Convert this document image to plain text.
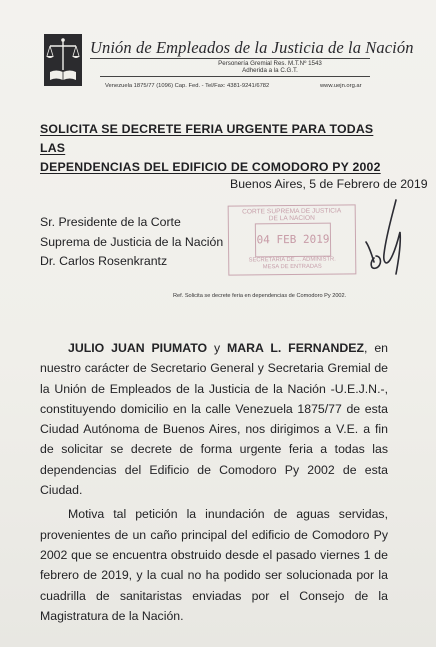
Unión de Empleados de la Justicia de la Nación
Personería Gremial Res. M.T.Nº 1543
Adherida a la C.G.T.
Venezuela 1875/77 (1096) Cap. Fed. - Tel/Fax: 4381-9241/6782	www.uejn.org.ar
SOLICITA SE DECRETE FERIA URGENTE PARA TODAS LAS
DEPENDENCIAS DEL EDIFICIO DE COMODORO PY 2002
Buenos Aires, 5 de Febrero de 2019
Sr. Presidente de la Corte
Suprema de Justicia de la Nación
Dr. Carlos Rosenkrantz
CORTE SUPREMA DE JUSTICIA
DE LA NACION
04 FEB 2019
SECRETARIA DE ... ADMINISTR.
MESA DE ENTRADAS
Ref. Solicita se decrete feria en dependencias de Comodoro Py 2002.

JULIO JUAN PIUMATO y MARA L. FERNANDEZ, en nuestro carácter de Secretario General y Secretaria Gremial de la Unión de Empleados de la Justicia de la Nación -U.E.J.N.-, constituyendo domicilio en la calle Venezuela 1875/77 de esta Ciudad Autónoma de Buenos Aires, nos dirigimos a V.E. a fin de solicitar se decrete de forma urgente feria a todas las dependencias del Edificio de Comodoro Py 2002 de esta Ciudad.

Motiva tal petición la inundación de aguas servidas, provenientes de un caño principal del edificio de Comodoro Py 2002 que se encuentra obstruido desde el pasado viernes 1 de febrero de 2019, y la cual no ha podido ser solucionada por la cuadrilla de sanitaristas enviadas por el Consejo de la Magistratura de la Nación.
